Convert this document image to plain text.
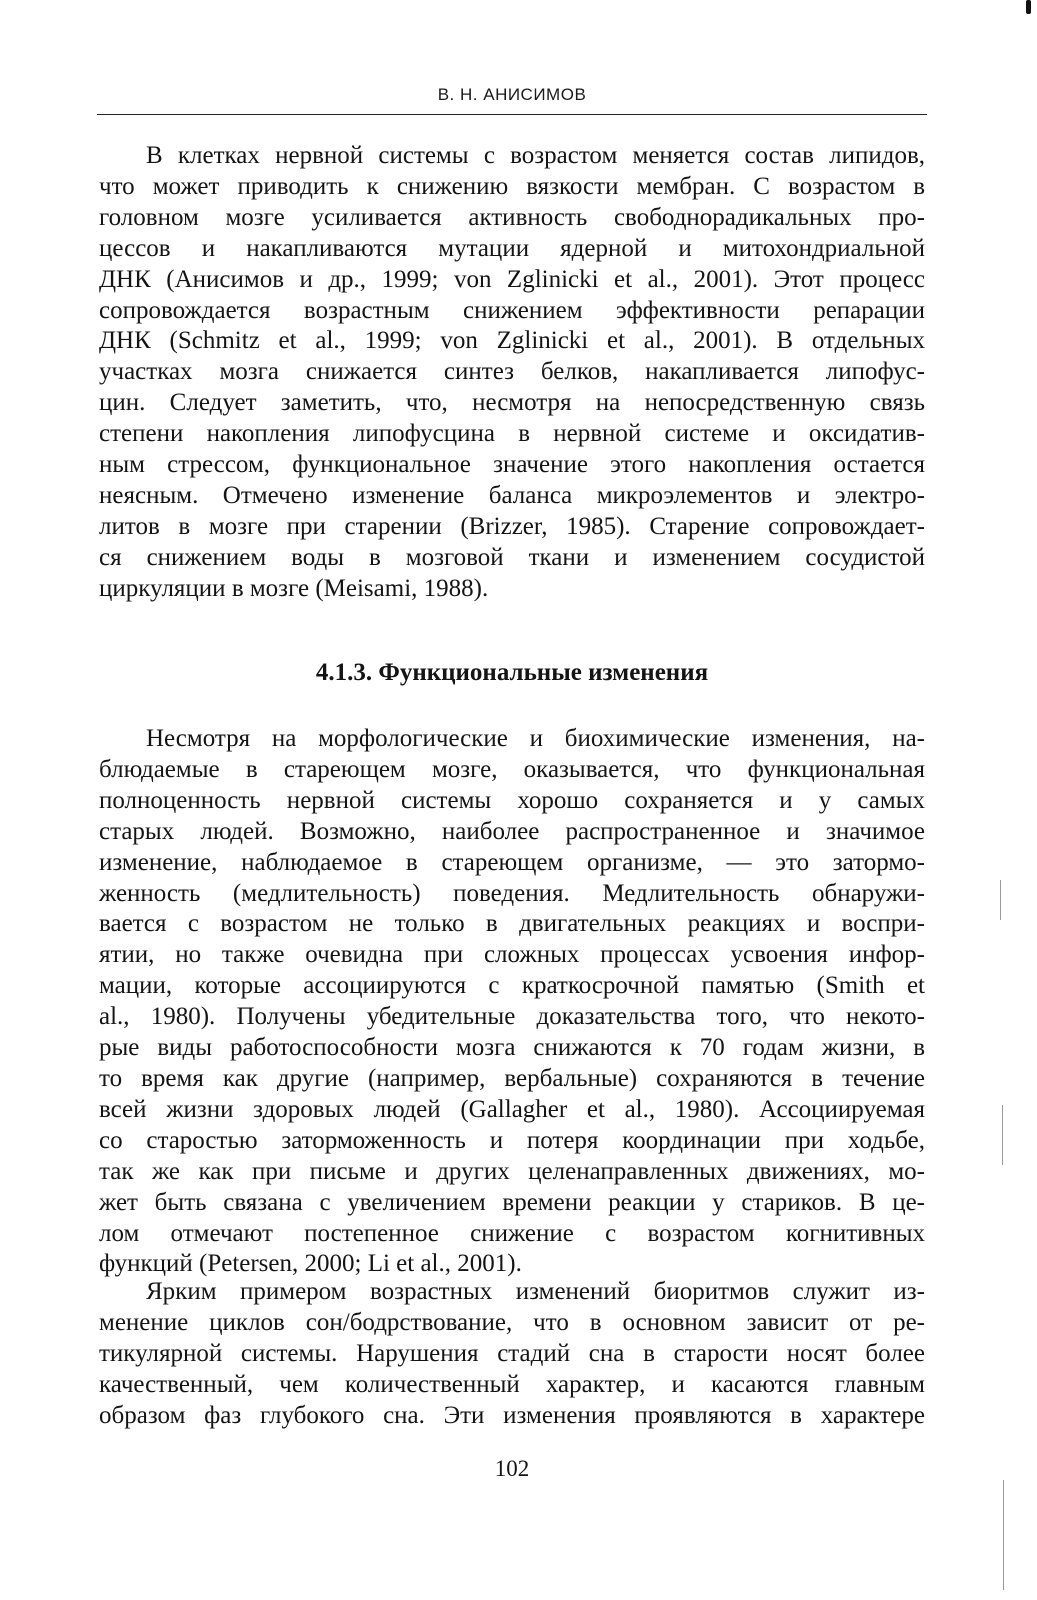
В. Н. АНИСИМОВ
В клетках нервной системы с возрастом меняется состав липидов,
что может приводить к снижению вязкости мембран. С возрастом в
головном мозге усиливается активность свободнорадикальных про-
цессов и накапливаются мутации ядерной и митохондриальной
ДНК (Анисимов и др., 1999; von Zglinicki et al., 2001). Этот процесс
сопровождается возрастным снижением эффективности репарации
ДНК (Schmitz et al., 1999; von Zglinicki et al., 2001). В отдельных
участках мозга снижается синтез белков, накапливается липофус-
цин. Следует заметить, что, несмотря на непосредственную связь
степени накопления липофусцина в нервной системе и оксидатив-
ным стрессом, функциональное значение этого накопления остается
неясным. Отмечено изменение баланса микроэлементов и электро-
литов в мозге при старении (Brizzer, 1985). Старение сопровождает-
ся снижением воды в мозговой ткани и изменением сосудистой
циркуляции в мозге (Meisami, 1988).
4.1.3. Функциональные изменения
Несмотря на морфологические и биохимические изменения, на-
блюдаемые в стареющем мозге, оказывается, что функциональная
полноценность нервной системы хорошо сохраняется и у самых
старых людей. Возможно, наиболее распространенное и значимое
изменение, наблюдаемое в стареющем организме, — это затормо-
женность (медлительность) поведения. Медлительность обнаружи-
вается с возрастом не только в двигательных реакциях и воспри-
ятии, но также очевидна при сложных процессах усвоения инфор-
мации, которые ассоциируются с краткосрочной памятью (Smith et
al., 1980). Получены убедительные доказательства того, что некото-
рые виды работоспособности мозга снижаются к 70 годам жизни, в
то время как другие (например, вербальные) сохраняются в течение
всей жизни здоровых людей (Gallagher et al., 1980). Ассоциируемая
со старостью заторможенность и потеря координации при ходьбе,
так же как при письме и других целенаправленных движениях, мо-
жет быть связана с увеличением времени реакции у стариков. В це-
лом отмечают постепенное снижение с возрастом когнитивных
функций (Petersen, 2000; Li et al., 2001).
Ярким примером возрастных изменений биоритмов служит из-
менение циклов сон/бодрствование, что в основном зависит от ре-
тикулярной системы. Нарушения стадий сна в старости носят более
качественный, чем количественный характер, и касаются главным
образом фаз глубокого сна. Эти изменения проявляются в характере
102
